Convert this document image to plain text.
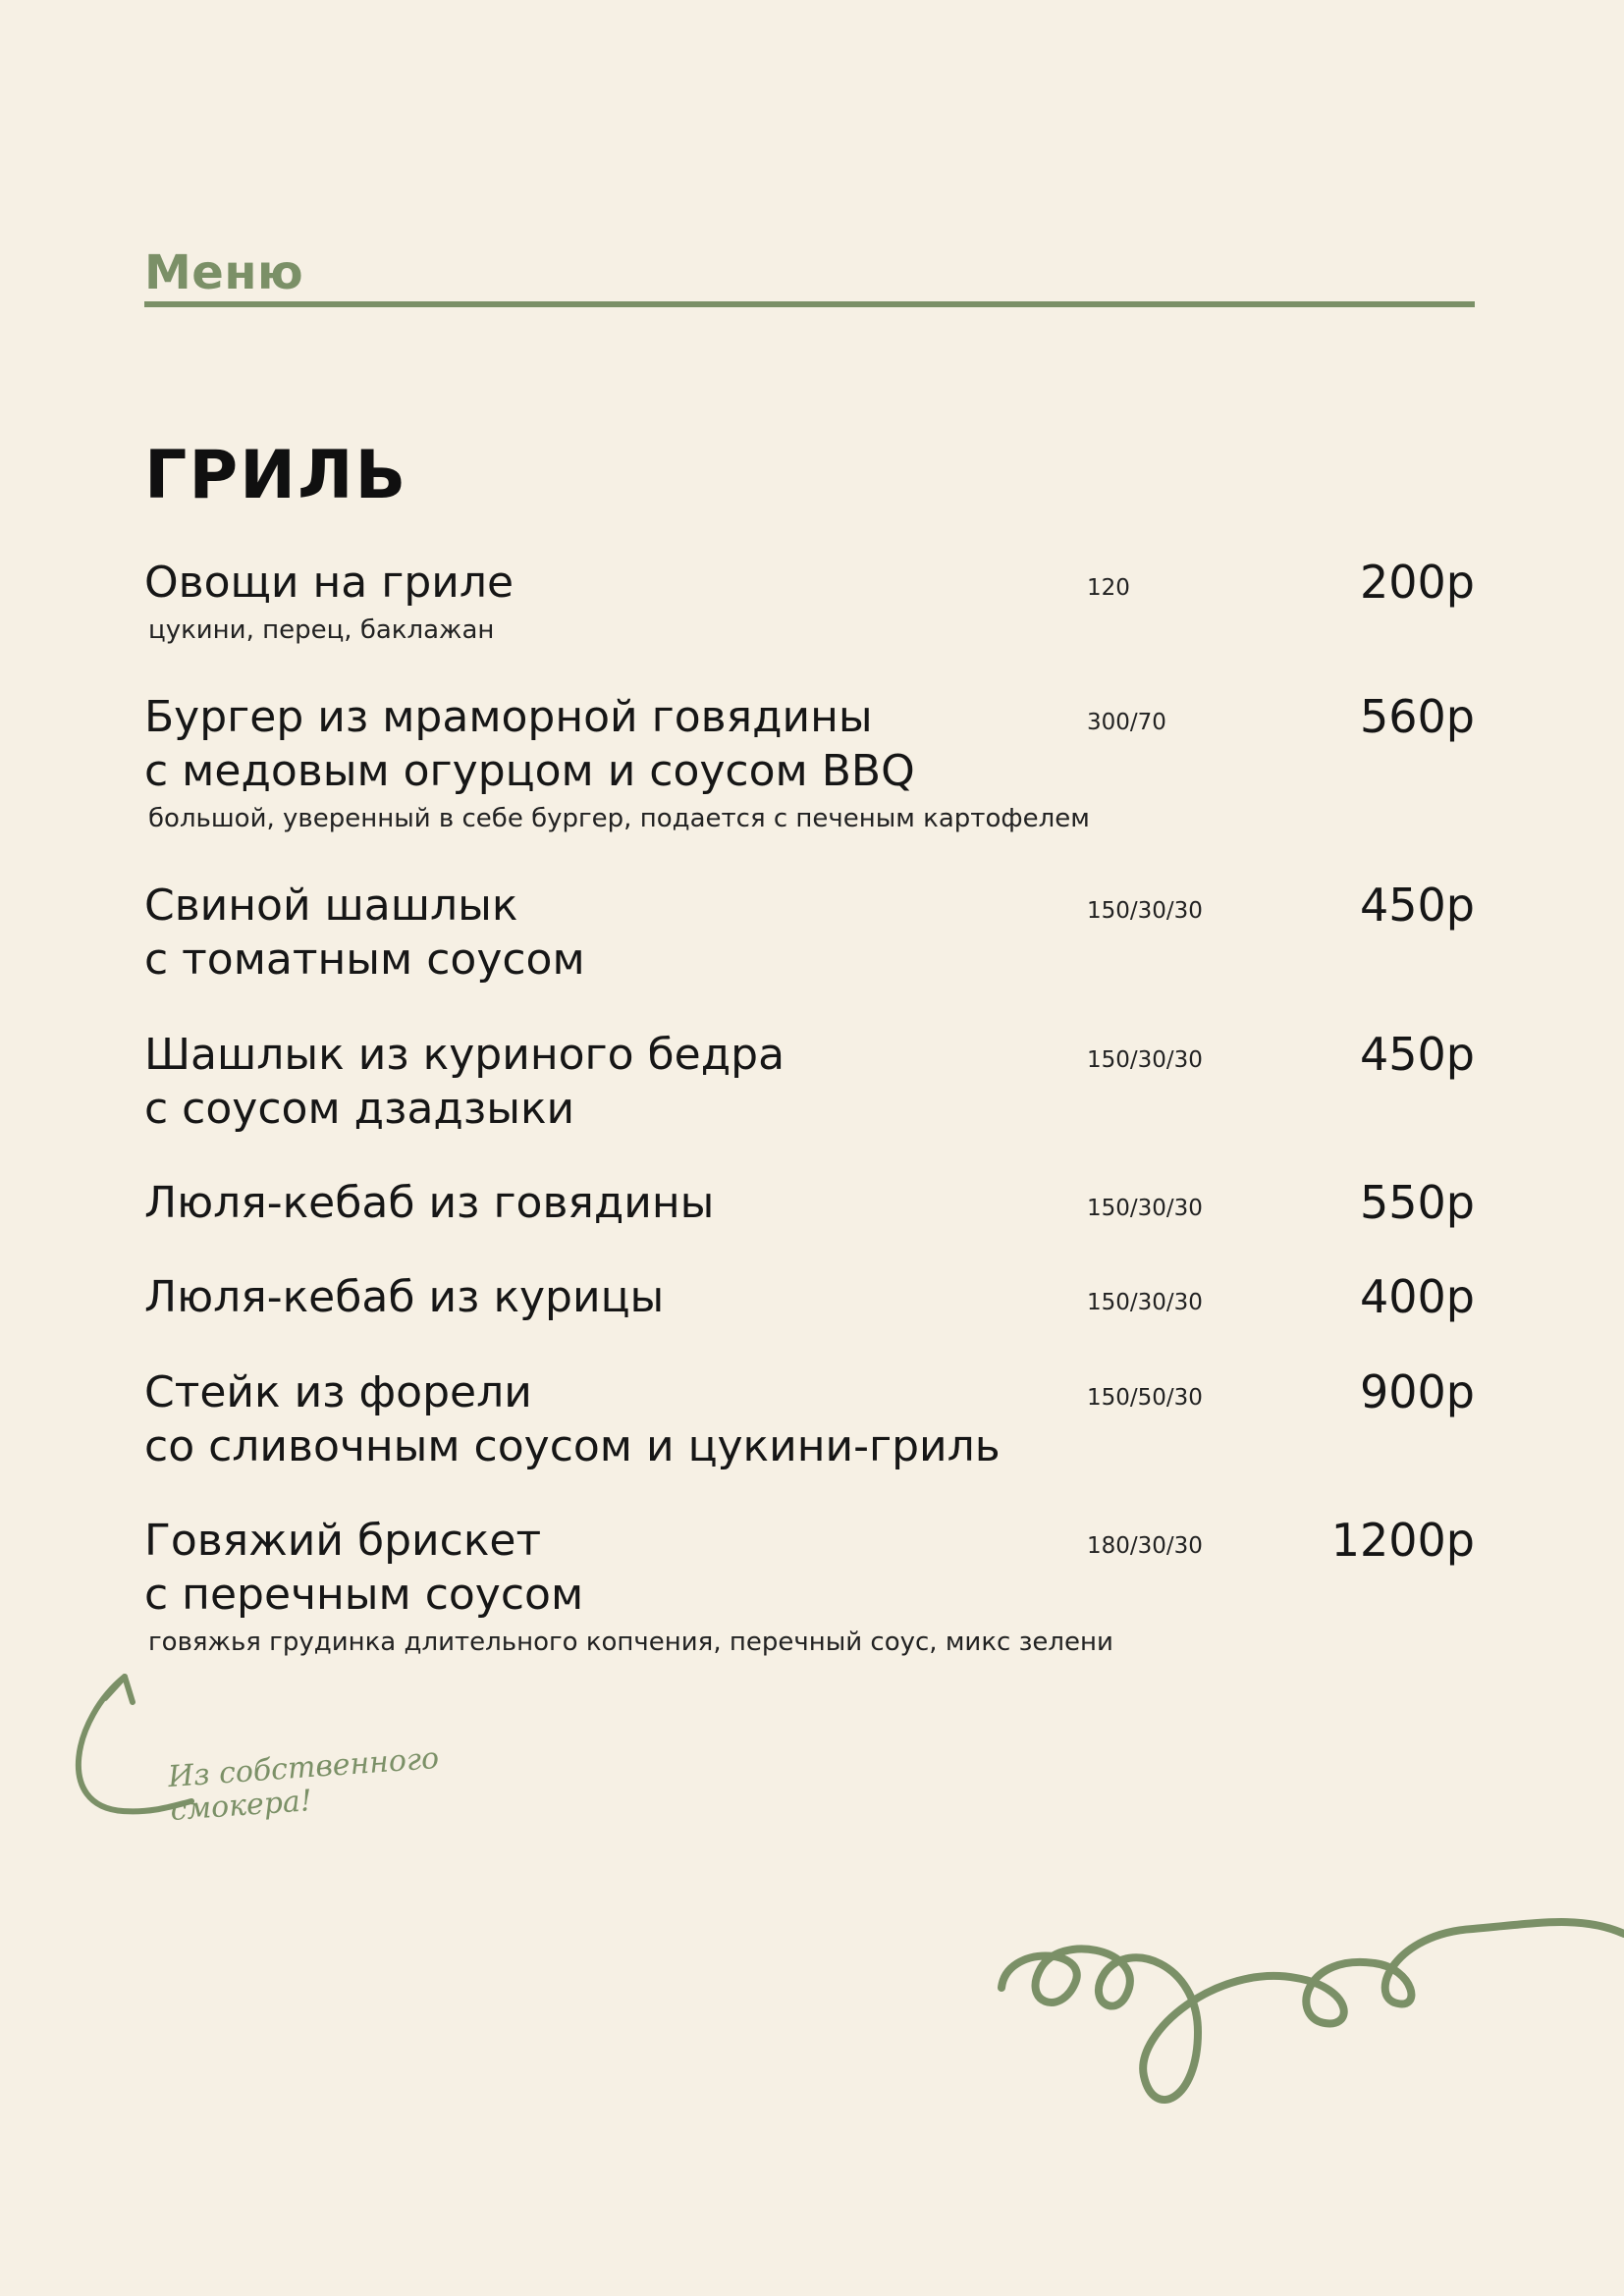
Меню
ГРИЛЬ
Овощи на гриле	120	200р
цукини, перец, баклажан
Бургер из мраморной говядины
с медовым огурцом и соусом BBQ
300/70	560р
большой, уверенный в себе бургер, подается с печеным картофелем
Свиной шашлык
с томатным соусом
150/30/30	450р
Шашлык из куриного бедра
с соусом дзадзыки
150/30/30	450р
Люля-кебаб из говядины	150/30/30	550р
Люля-кебаб из курицы	150/30/30	400р
Стейк из форели
со сливочным соусом и цукини-гриль
150/50/30	900р
Говяжий брискет
с перечным соусом
180/30/30	1200р
говяжья грудинка длительного копчения, перечный соус, микс зелени
Из собственного смокера!
